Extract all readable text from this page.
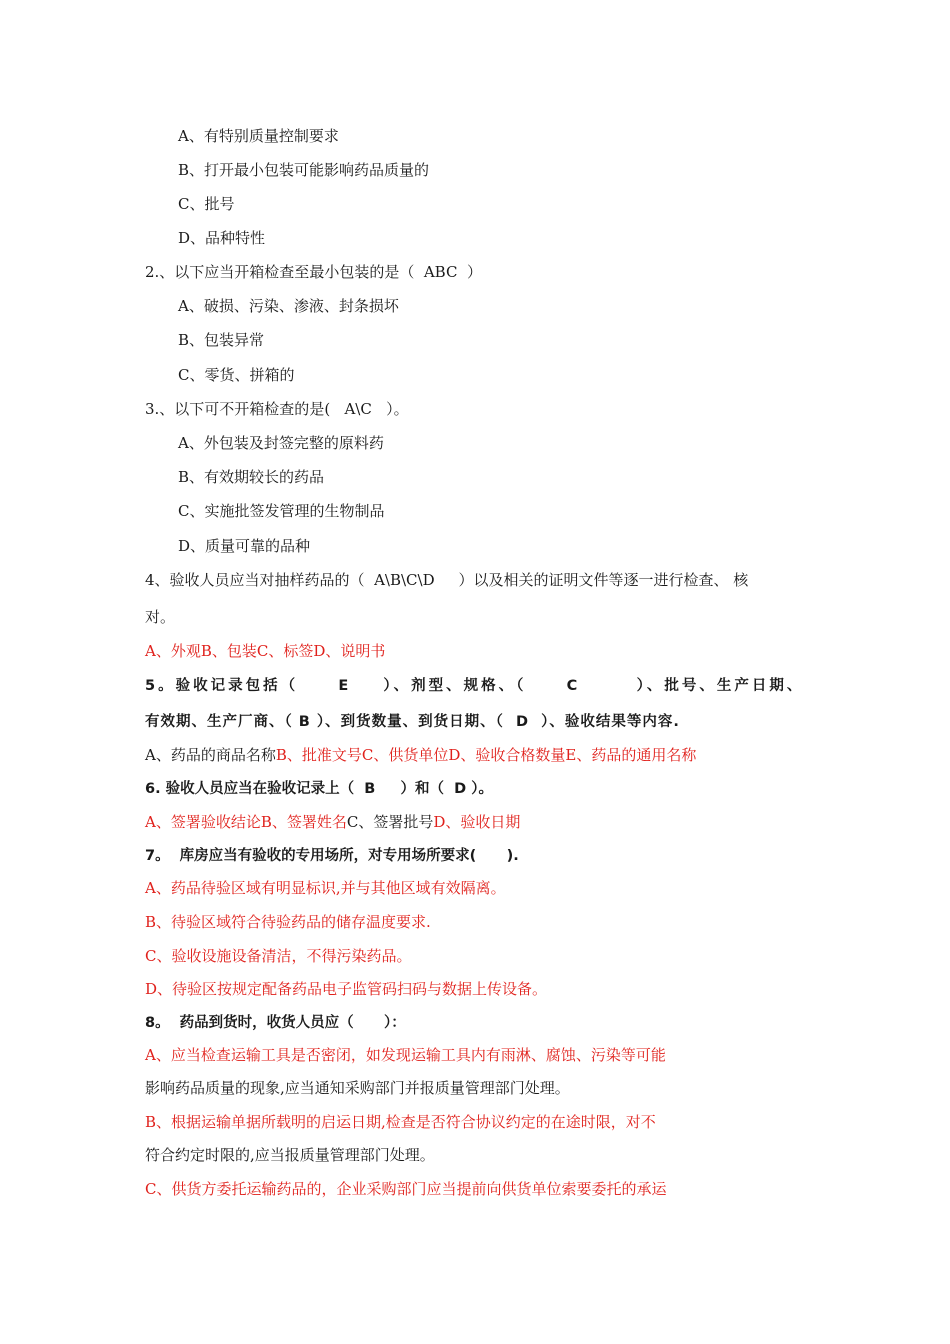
A、有特别质量控制要求
B、打开最小包装可能影响药品质量的
C、批号
D、品种特性
2.、以下应当开箱检查至最小包装的是（  ABC  ）
A、破损、污染、渗液、封条损坏
B、包装异常
C、零货、拼箱的
3.、以下可不开箱检查的是(   A\C   ）。
A、外包装及封签完整的原料药
B、有效期较长的药品
C、实施批签发管理的生物制品
D、质量可靠的品种
4、验收人员应当对抽样药品的（  A\B\C\D     ）以及相关的证明文件等逐一进行检查、 核
对。
A、外观B、包装C、标签D、说明书
5。验收记录包括（     E    ）、剂型、规格、（     C       ）、批号、生产日期、
有效期、生产厂商、（ B ）、到货数量、到货日期、（  D  ）、验收结果等内容.
A、药品的商品名称B、批准文号C、供货单位D、验收合格数量E、药品的通用名称
6. 验收人员应当在验收记录上（  B     ）和（  D ）。
A、签署验收结论B、签署姓名C、签署批号D、验收日期
7。  库房应当有验收的专用场所，对专用场所要求(      ).
A、药品待验区域有明显标识,并与其他区域有效隔离。
B、待验区域符合待验药品的储存温度要求.
C、验收设施设备清洁，不得污染药品。
D、待验区按规定配备药品电子监管码扫码与数据上传设备。
8。  药品到货时，收货人员应（      ）：
A、应当检查运输工具是否密闭，如发现运输工具内有雨淋、腐蚀、污染等可能
影响药品质量的现象,应当通知采购部门并报质量管理部门处理。
B、根据运输单据所载明的启运日期,检查是否符合协议约定的在途时限，对不
符合约定时限的,应当报质量管理部门处理。
C、供货方委托运输药品的，企业采购部门应当提前向供货单位索要委托的承运
